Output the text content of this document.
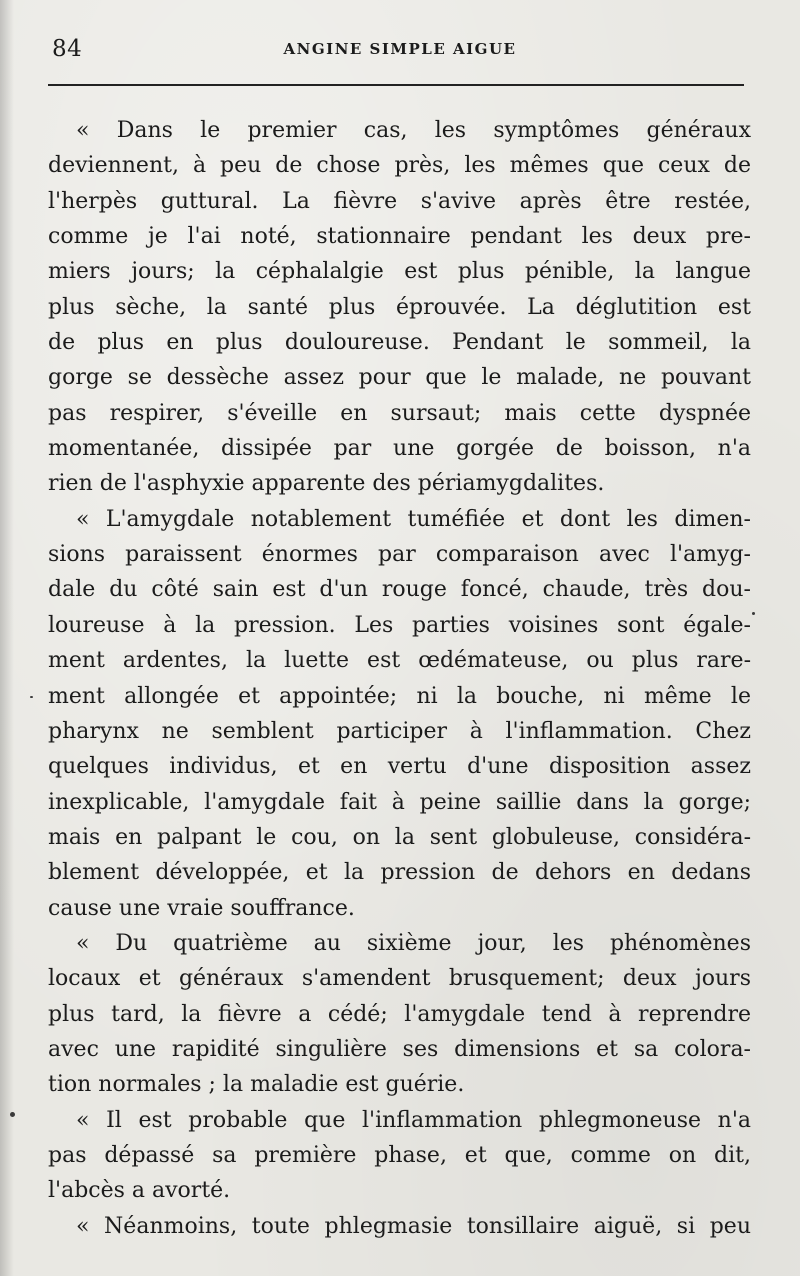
84	ANGINE SIMPLE AIGUE
« Dans le premier cas, les symptômes généraux
deviennent, à peu de chose près, les mêmes que ceux de
l'herpès guttural. La fièvre s'avive après être restée,
comme je l'ai noté, stationnaire pendant les deux pre-
miers jours; la céphalalgie est plus pénible, la langue
plus sèche, la santé plus éprouvée. La déglutition est
de plus en plus douloureuse. Pendant le sommeil, la
gorge se dessèche assez pour que le malade, ne pouvant
pas respirer, s'éveille en sursaut; mais cette dyspnée
momentanée, dissipée par une gorgée de boisson, n'a
rien de l'asphyxie apparente des périamygdalites.
« L'amygdale notablement tuméfiée et dont les dimen-
sions paraissent énormes par comparaison avec l'amyg-
dale du côté sain est d'un rouge foncé, chaude, très dou-
loureuse à la pression. Les parties voisines sont égale-
ment ardentes, la luette est œdémateuse, ou plus rare-
ment allongée et appointée; ni la bouche, ni même le
pharynx ne semblent participer à l'inflammation. Chez
quelques individus, et en vertu d'une disposition assez
inexplicable, l'amygdale fait à peine saillie dans la gorge;
mais en palpant le cou, on la sent globuleuse, considéra-
blement développée, et la pression de dehors en dedans
cause une vraie souffrance.
« Du quatrième au sixième jour, les phénomènes
locaux et généraux s'amendent brusquement; deux jours
plus tard, la fièvre a cédé; l'amygdale tend à reprendre
avec une rapidité singulière ses dimensions et sa colora-
tion normales ; la maladie est guérie.
« Il est probable que l'inflammation phlegmoneuse n'a
pas dépassé sa première phase, et que, comme on dit,
l'abcès a avorté.
« Néanmoins, toute phlegmasie tonsillaire aiguë, si peu
